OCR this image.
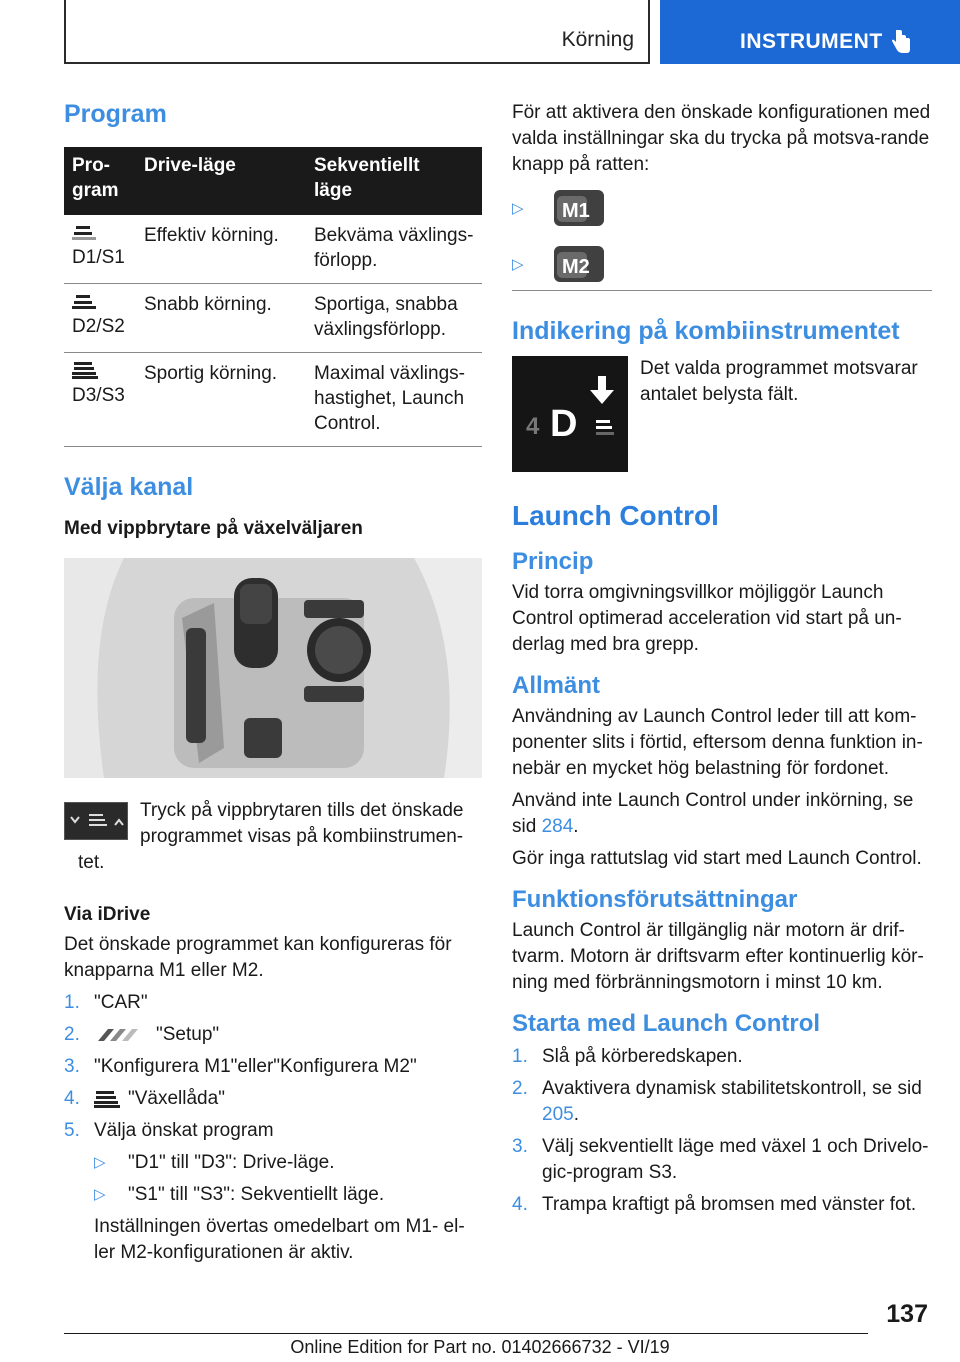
Körning	INSTRUMENT
Program
Pro-
gram	Drive-läge	Sekventiellt
läge

D1/S1	Effektiv körning.	Bekväma växlings-
förlopp.

D2/S2	Snabb körning.	Sportiga, snabba
växlingsförlopp.

D3/S3	Sportig körning.	Maximal växlings-
hastighet, Launch
Control.
Välja kanal
Med vippbrytare på växelväljaren
Tryck på vippbrytaren tills det önskade programmet visas på kombiinstrumen-tet.
Via iDrive
Det önskade programmet kan konfigureras för knapparna M1 eller M2.
1. "CAR"
2.	"Setup"
3. "Konfigurera M1"eller"Konfigurera M2"
4.	"Växellåda"
5. Välja önskat program
▷ "D1" till "D3": Drive-läge.
▷ "S1" till "S3": Sekventiellt läge.
Inställningen övertas omedelbart om M1- el-ler M2-konfigurationen är aktiv.
För att aktivera den önskade konfigurationen med valda inställningar ska du trycka på motsva-rande knapp på ratten:
▷	M1
▷	M2
Indikering på kombiinstrumentet
4 D
Det valda programmet motsvarar antalet belysta fält.
Launch Control
Princip
Vid torra omgivningsvillkor möjliggör Launch Control optimerad acceleration vid start på un-derlag med bra grepp.
Allmänt
Användning av Launch Control leder till att kom-ponenter slits i förtid, eftersom denna funktion in-nebär en mycket hög belastning för fordonet.
Använd inte Launch Control under inkörning, se sid 284.
Gör inga rattutslag vid start med Launch Control.
Funktionsförutsättningar
Launch Control är tillgänglig när motorn är drif-tvarm. Motorn är driftsvarm efter kontinuerlig kör-ning med förbränningsmotorn i minst 10 km.
Starta med Launch Control
1. Slå på körberedskapen.
2. Avaktivera dynamisk stabilitetskontroll, se sid 205.
3. Välj sekventiellt läge med växel 1 och Drivelo-gic-program S3.
4. Trampa kraftigt på bromsen med vänster fot.
137
Online Edition for Part no. 01402666732 - VI/19
